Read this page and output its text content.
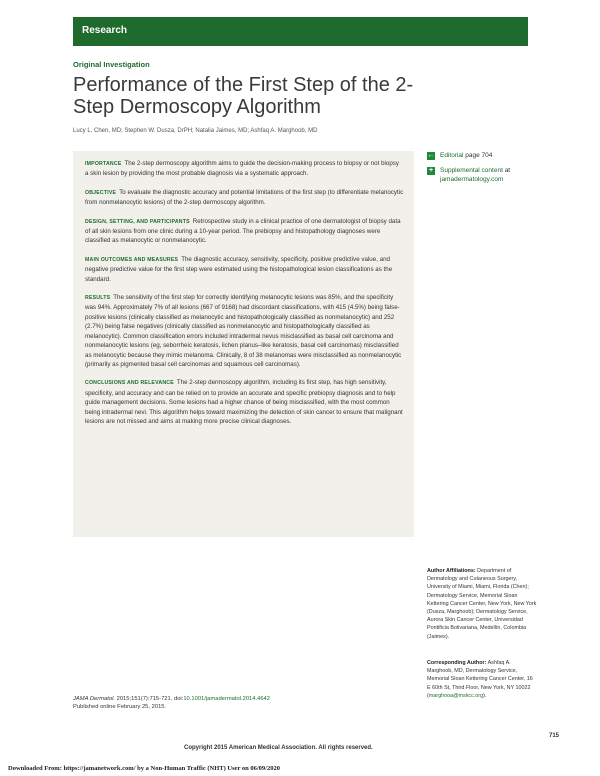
Research
Original Investigation
Performance of the First Step of the 2-Step Dermoscopy Algorithm
Lucy L. Chen, MD; Stephen W. Dusza, DrPH; Natalia Jaimes, MD; Ashfaq A. Marghoob, MD

IMPORTANCE The 2-step dermoscopy algorithm aims to guide the decision-making process to biopsy or not biopsy a skin lesion by providing the most probable diagnosis via a systematic approach.

OBJECTIVE To evaluate the diagnostic accuracy and potential limitations of the first step (to differentiate melanocytic from nonmelanocytic lesions) of the 2-step dermoscopy algorithm.

DESIGN, SETTING, AND PARTICIPANTS Retrospective study in a clinical practice of one dermatologist of biopsy data of all skin lesions from one clinic during a 10-year period. The prebiopsy and histopathology diagnoses were classified as melanocytic or nonmelanocytic.

MAIN OUTCOMES AND MEASURES The diagnostic accuracy, sensitivity, specificity, positive predictive value, and negative predictive value for the first step were estimated using the histopathological lesion classifications as the standard.

RESULTS The sensitivity of the first step for correctly identifying melanocytic lesions was 85%, and the specificity was 94%. Approximately 7% of all lesions (667 of 9168) had discordant classifications, with 415 (4.5%) being false-positive lesions (clinically classified as melanocytic and histopathologically classified as nonmelanocytic) and 252 (2.7%) being false negatives (clinically classified as nonmelanocytic and histopathologically classified as melanocytic). Common classification errors included intradermal nevus misclassified as basal cell carcinoma and nonmelanocytic lesions (eg, seborrheic keratosis, lichen planus–like keratosis, basal cell carcinomas) misclassified as melanocytic because they mimic melanoma. Clinically, 8 of 38 melanomas were misclassified as nonmelanocytic (primarily as pigmented basal cell carcinomas and squamous cell carcinomas).

CONCLUSIONS AND RELEVANCE The 2-step dermoscopy algorithm, including its first step, has high sensitivity, specificity, and accuracy and can be relied on to provide an accurate and specific prebiopsy diagnosis and to help guide management decisions. Some lesions had a higher chance of being misclassified, with the most common being intradermal nevi. This algorithm helps toward maximizing the detection of skin cancer to ensure that malignant lesions are not missed and aims at making more precise clinical diagnoses.

← Editorial page 704
+	Supplemental content at
jamadermatology.com
Author Affiliations: Department of Dermatology and Cutaneous Surgery, University of Miami, Miami, Florida (Chen); Dermatology Service, Memorial Sloan Kettering Cancer Center, New York, New York (Dusza, Marghoob); Dermatology Service, Aurora Skin Cancer Center, Universidad Pontificia Bolivariana, Medellín, Colombia (Jaimes).
Corresponding Author: Ashfaq A. Marghoob, MD, Dermatology Service, Memorial Sloan Kettering Cancer Center, 16 E 60th St, Third Floor, New York, NY 10022 (marghooa@mskcc.org).
JAMA Dermatol. 2015;151(7):715-721. doi:10.1001/jamadermatol.2014.4642
Published online February 25, 2015.
Copyright 2015 American Medical Association. All rights reserved.
715
Downloaded From: https://jamanetwork.com/ by a Non-Human Traffic (NHT) User on 06/09/2020
